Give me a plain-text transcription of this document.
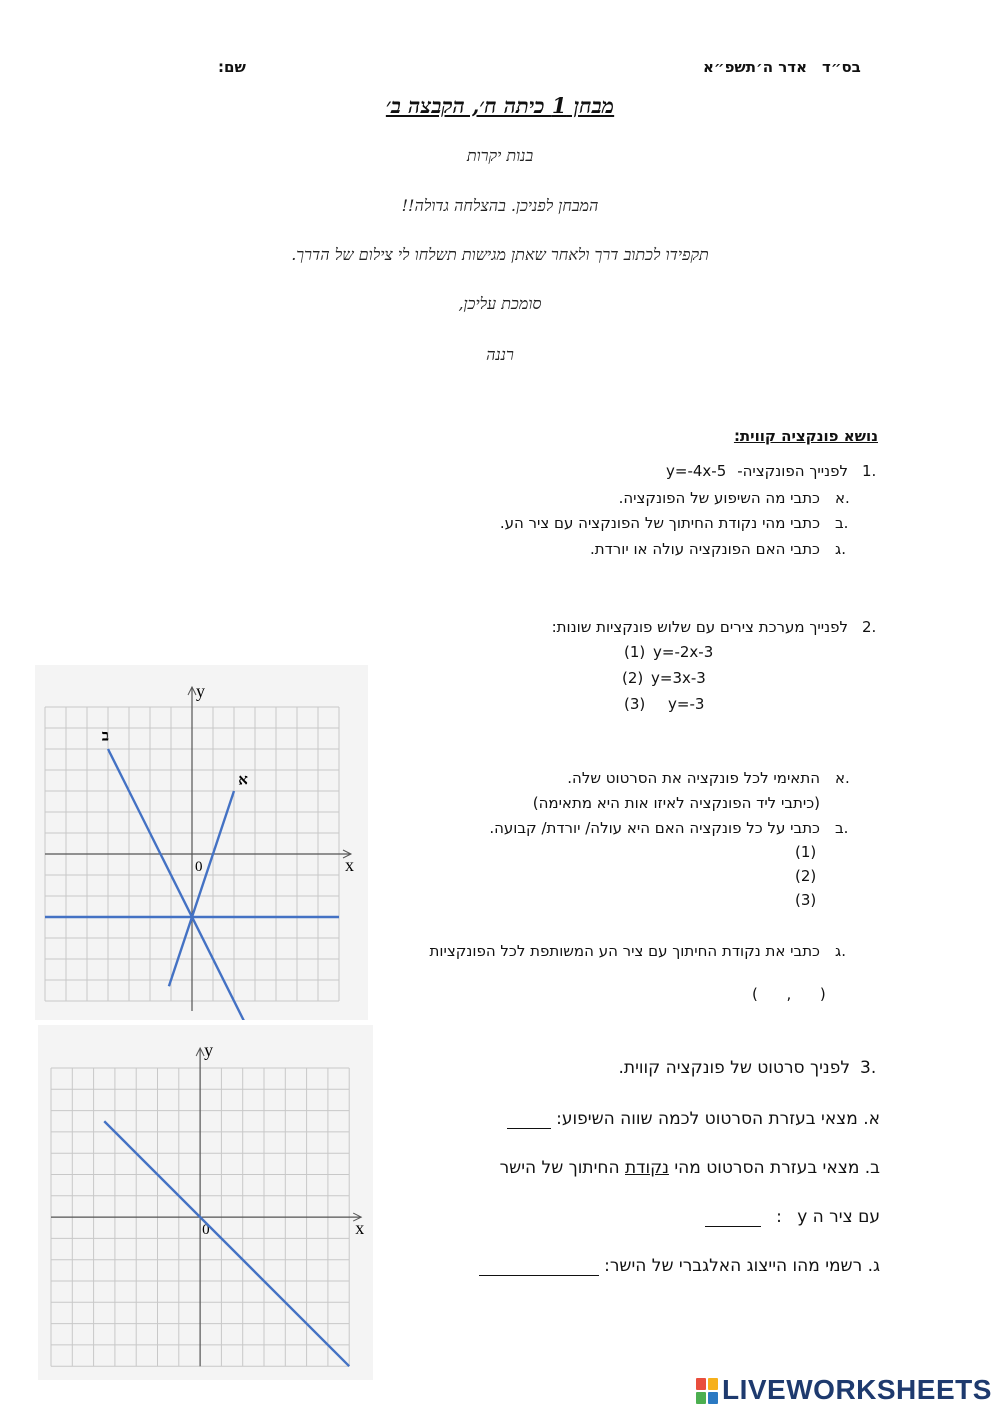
בס״ד
אדר ה׳תשפ״א
שם:
מבחן ‎1 כיתה ח׳, הקבצה ב׳
בנות יקרות
המבחן לפניכן. בהצלחה גדולה!!
תקפידו לכתוב דרך ולאחר שאתן מגישות תשלחו לי צילום של הדרך.
סומכת עליכן,
רננה
נושא פונקציה קווית:
1.
לפנייך הפונקציה-
y=-4x-5
א.
כתבי מה השיפוע של הפונקציה.
ב.
כתבי מהי נקודת החיתוך של הפונקציה עם ציר הע.
ג.
כתבי האם הפונקציה עולה או יורדת.
2.
לפנייך מערכת צירים עם שלוש פונקציות שונות:
(1) y=-2x-3
(2) y=3x-3
(3) y=-3
א.
התאימי לכל פונקציה את הסרטוט שלה.
(כיתבי ליד הפונקציה לאיזו אות היא מתאימה)
ב.
כתבי על כל פונקציה האם היא עולה/ יורדת/ קבועה.
(1)
(2)
(3)
ג.
כתבי את נקודת החיתוך עם ציר הע המשותפת לכל הפונקציות
(      ,      )
x
y
0
א
ב
3.
לפניך סרטוט של פונקציה קווית.
א. מצאי בעזרת הסרטוט לכמה שווה השיפוע:
ב. מצאי בעזרת הסרטוט מהי נקודת החיתוך של הישר
עם ציר ה y :
ג. רשמי מהו הייצוג האלגברי של הישר:
x
y
0
LIVEWORKSHEETS
